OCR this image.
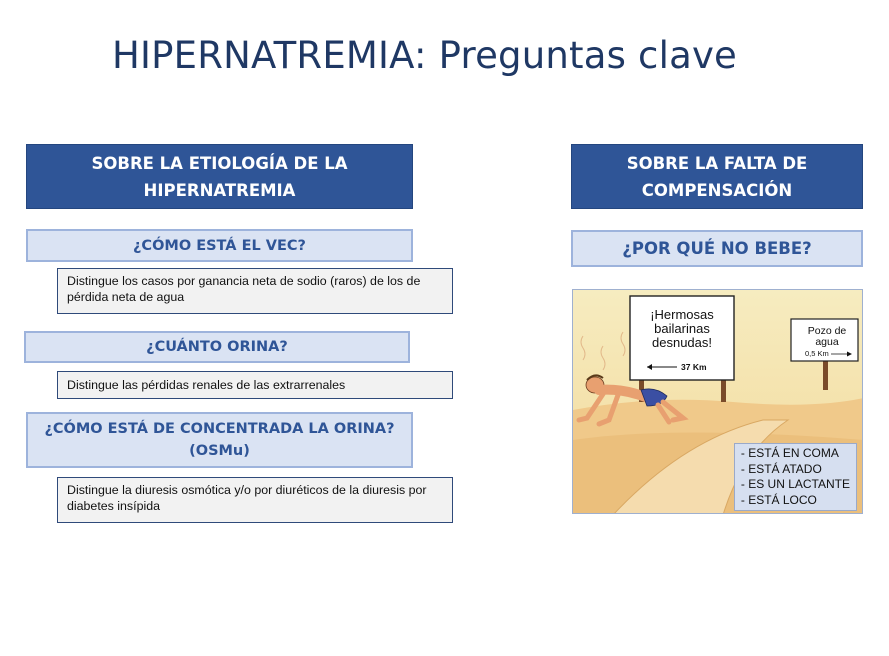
HIPERNATREMIA: Preguntas clave
SOBRE LA ETIOLOGÍA DE LA
HIPERNATREMIA
¿CÓMO ESTÁ EL VEC?
Distingue los casos por ganancia neta de sodio (raros) de los de pérdida neta de agua
¿CUÁNTO ORINA?
Distingue las pérdidas renales de las extrarrenales
¿CÓMO ESTÁ DE CONCENTRADA LA ORINA?
(OSMu)
Distingue la diuresis osmótica y/o por diuréticos de la diuresis por diabetes insípida
SOBRE LA FALTA DE
COMPENSACIÓN
¿POR QUÉ NO BEBE?
¡Hermosas
bailarinas
desnudas!
37 Km
Pozo de
agua
0,5 Km
- ESTÁ EN COMA
- ESTÁ ATADO
- ES UN LACTANTE
- ESTÁ LOCO
